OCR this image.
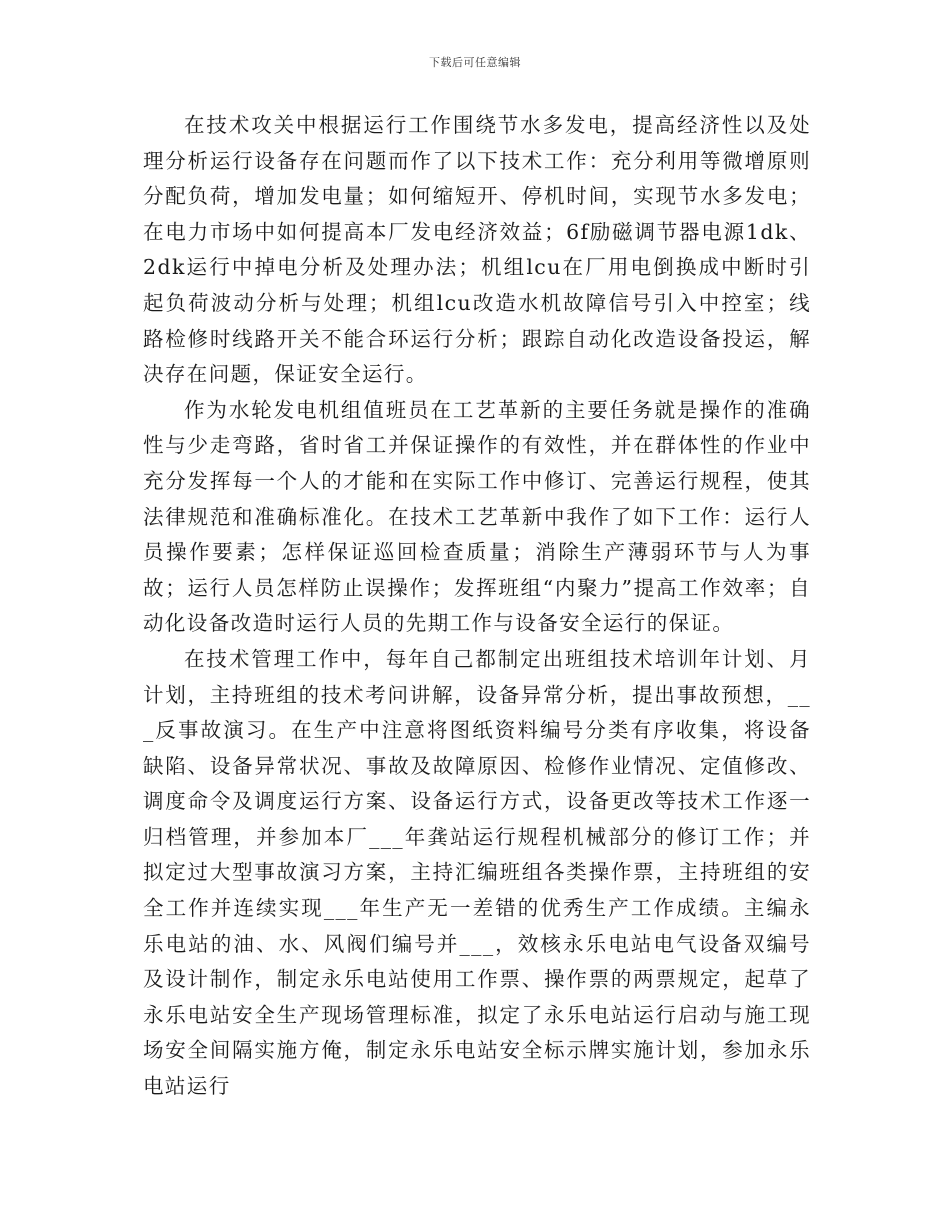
下载后可任意编辑

在技术攻关中根据运行工作围绕节水多发电，提高经济性以及处理分析运行设备存在问题而作了以下技术工作：充分利用等微增原则分配负荷，增加发电量；如何缩短开、停机时间，实现节水多发电；在电力市场中如何提高本厂发电经济效益；6f励磁调节器电源1dk、2dk运行中掉电分析及处理办法；机组lcu在厂用电倒换成中断时引起负荷波动分析与处理；机组lcu改造水机故障信号引入中控室；线路检修时线路开关不能合环运行分析；跟踪自动化改造设备投运，解决存在问题，保证安全运行。

作为水轮发电机组值班员在工艺革新的主要任务就是操作的准确性与少走弯路，省时省工并保证操作的有效性，并在群体性的作业中充分发挥每一个人的才能和在实际工作中修订、完善运行规程，使其法律规范和准确标准化。在技术工艺革新中我作了如下工作：运行人员操作要素；怎样保证巡回检查质量；消除生产薄弱环节与人为事故；运行人员怎样防止误操作；发挥班组“内聚力”提高工作效率；自动化设备改造时运行人员的先期工作与设备安全运行的保证。

在技术管理工作中，每年自己都制定出班组技术培训年计划、月计划，主持班组的技术考问讲解，设备异常分析，提出事故预想，___反事故演习。在生产中注意将图纸资料编号分类有序收集，将设备缺陷、设备异常状况、事故及故障原因、检修作业情况、定值修改、调度命令及调度运行方案、设备运行方式，设备更改等技术工作逐一归档管理，并参加本厂___年龚站运行规程机械部分的修订工作；并拟定过大型事故演习方案，主持汇编班组各类操作票，主持班组的安全工作并连续实现___年生产无一差错的优秀生产工作成绩。主编永乐电站的油、水、风阀们编号并___，效核永乐电站电气设备双编号及设计制作，制定永乐电站使用工作票、操作票的两票规定，起草了永乐电站安全生产现场管理标准，拟定了永乐电站运行启动与施工现场安全间隔实施方俺，制定永乐电站安全标示牌实施计划，参加永乐电站运行
